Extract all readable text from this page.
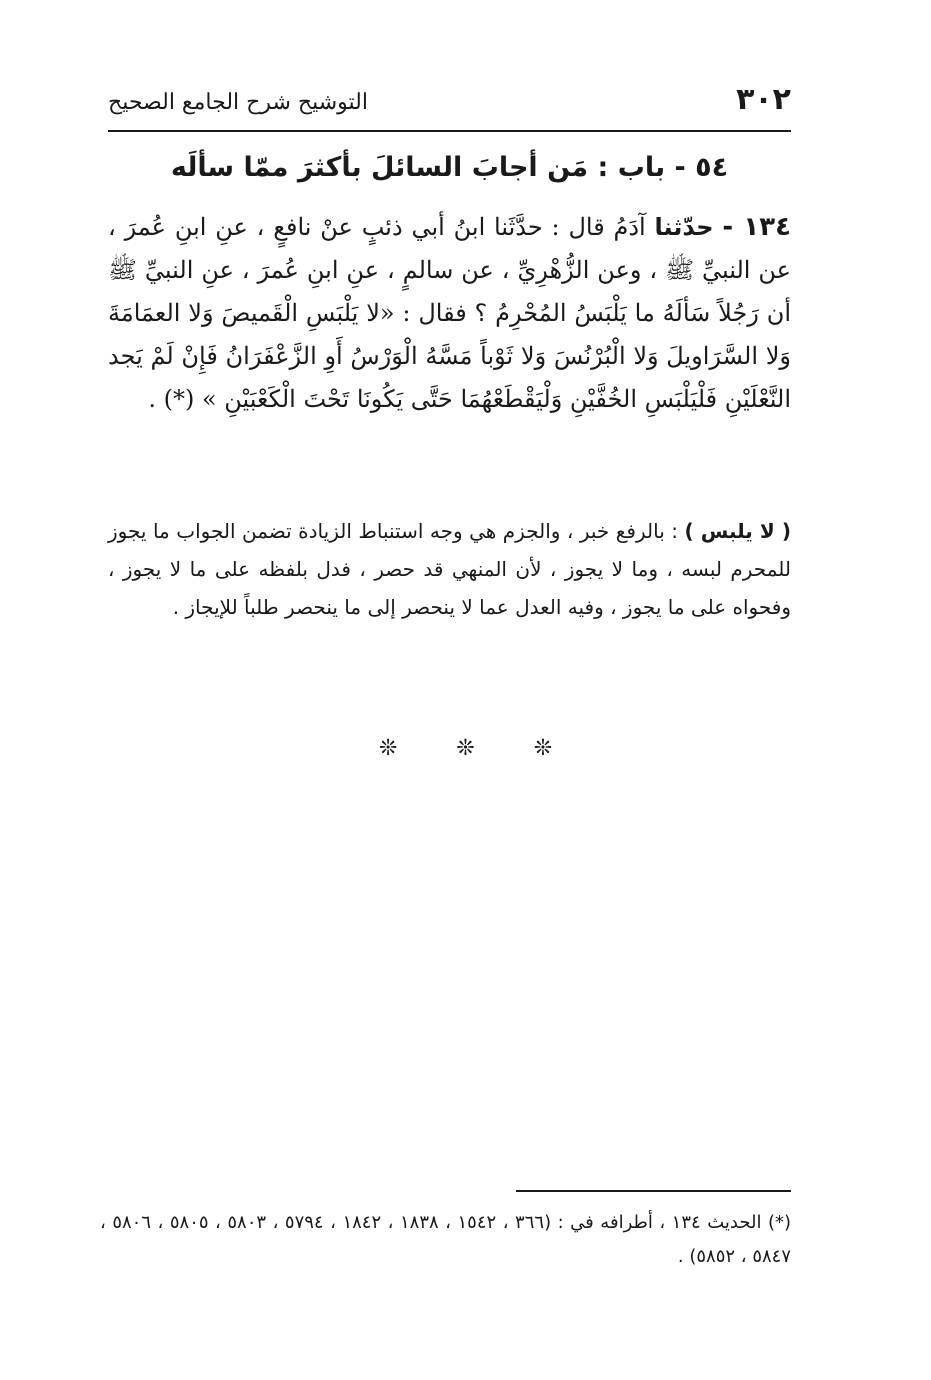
٣٠٢
التوشيح شرح الجامع الصحيح
٥٤ - باب : مَن أجابَ السائلَ بأكثرَ ممّا سألَه
١٣٤ - حدّثنا آدَمُ قال : حدَّثَنا ابنُ أبي ذئبٍ عنْ نافعٍ ، عنِ ابنِ عُمرَ ، عن النبيِّ ﷺ ، وعن الزُّهْرِيِّ ، عن سالمٍ ، عنِ ابنِ عُمرَ ، عنِ النبيِّ ﷺ أن رَجُلاً سَألَهُ ما يَلْبَسُ المُحْرِمُ ؟ فقال : «لا يَلْبَسِ الْقَميصَ وَلا العمَامَةَ وَلا السَّرَاويلَ وَلا الْبُرْنُسَ وَلا ثَوْباً مَسَّهُ الْوَرْسُ أَوِ الزَّعْفَرَانُ فَإِنْ لَمْ يَجد النَّعْلَيْنِ فَلْيَلْبَسِ الخُفَّيْنِ وَلْيَقْطَعْهُمَا حَتَّى يَكُونَا تَحْتَ الْكَعْبَيْنِ » (*) .
( لا يلبس ) : بالرفع خبر ، والجزم هي وجه استنباط الزيادة تضمن الجواب ما يجوز للمحرم لبسه ، وما لا يجوز ، لأن المنهي قد حصر ، فدل بلفظه على ما لا يجوز ، وفحواه على ما يجوز ، وفيه العدل عما لا ينحصر إلى ما ينحصر طلباً للإيجاز .
❊ ❊ ❊
(*) الحديث ١٣٤ ، أطرافه في : (٣٦٦ ، ١٥٤٢ ، ١٨٣٨ ، ١٨٤٢ ، ٥٧٩٤ ، ٥٨٠٣ ، ٥٨٠٥ ، ٥٨٠٦ ، ٥٨٤٧ ، ٥٨٥٢) .
